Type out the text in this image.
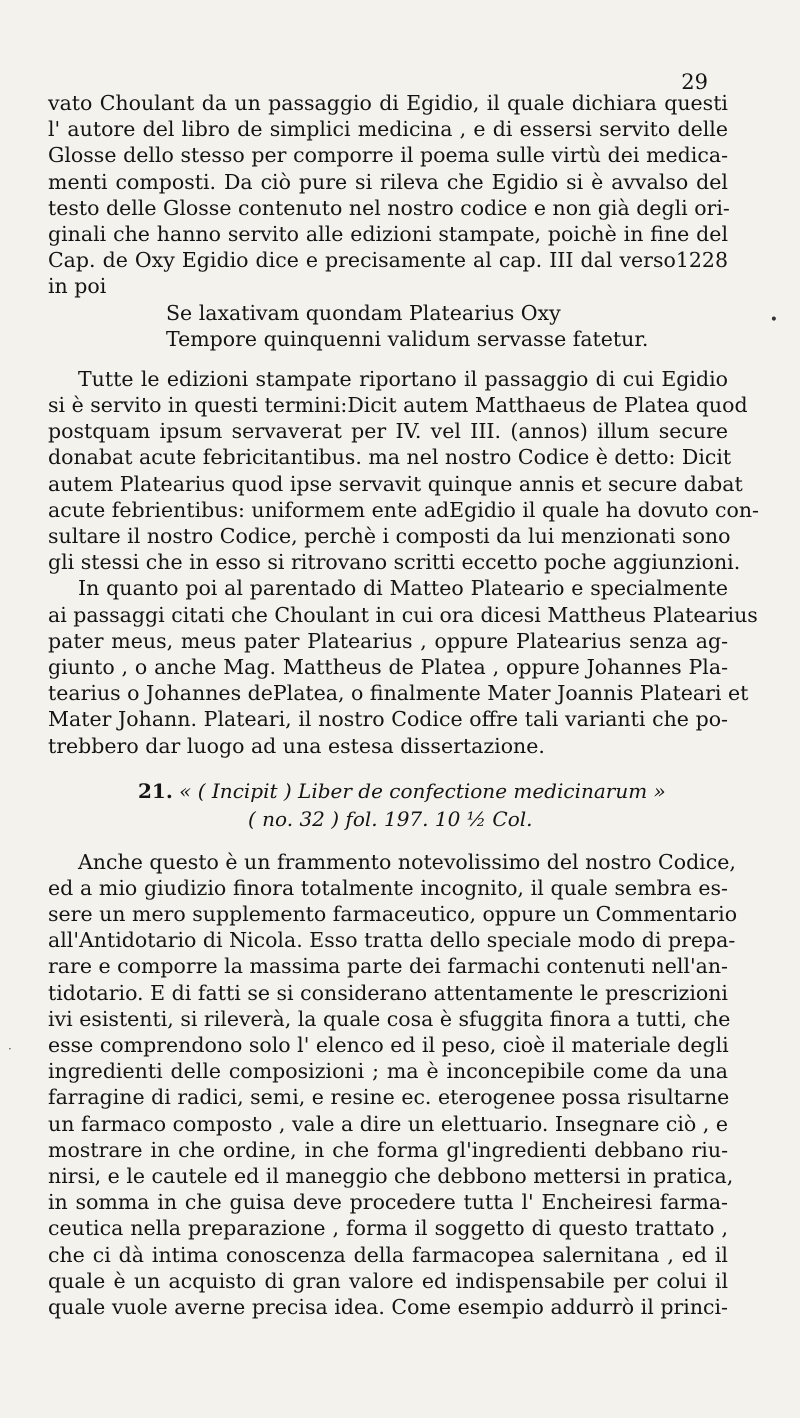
29
•
·
vato Choulant da un passaggio di Egidio, il quale dichiara questi
l' autore del libro de simplici medicina , e di essersi servito delle
Glosse dello stesso per comporre il poema sulle virtù dei medica-
menti composti. Da ciò pure si rileva che Egidio si è avvalso del
testo delle Glosse contenuto nel nostro codice e non già degli ori-
ginali che hanno servito alle edizioni stampate, poichè in fine del
Cap. de Oxy Egidio dice e precisamente al cap. III dal verso1228
in poi
Se laxativam quondam Platearius Oxy
Tempore quinquenni validum servasse fatetur.
Tutte le edizioni stampate riportano il passaggio di cui Egidio
si è servito in questi termini:Dicit autem Matthaeus de Platea quod
postquam ipsum servaverat per IV. vel III. (annos) illum secure
donabat acute febricitantibus. ma nel nostro Codice è detto: Dicit
autem Platearius quod ipse servavit quinque annis et secure dabat
acute febrientibus: uniformem ente adEgidio il quale ha dovuto con-
sultare il nostro Codice, perchè i composti da lui menzionati sono
gli stessi che in esso si ritrovano scritti eccetto poche aggiunzioni.
In quanto poi al parentado di Matteo Plateario e specialmente
ai passaggi citati che Choulant in cui ora dicesi Mattheus Platearius
pater meus, meus pater Platearius , oppure Platearius senza ag-
giunto , o anche Mag. Mattheus de Platea , oppure Johannes Pla-
tearius o Johannes dePlatea, o finalmente Mater Joannis Plateari et
Mater Johann. Plateari, il nostro Codice offre tali varianti che po-
trebbero dar luogo ad una estesa dissertazione.
21. « ( Incipit ) Liber de confectione medicinarum »
( no. 32 ) fol. 197. 10 ½ Col.
Anche questo è un frammento notevolissimo del nostro Codice,
ed a mio giudizio finora totalmente incognito, il quale sembra es-
sere un mero supplemento farmaceutico, oppure un Commentario
all'Antidotario di Nicola. Esso tratta dello speciale modo di prepa-
rare e comporre la massima parte dei farmachi contenuti nell'an-
tidotario. E di fatti se si considerano attentamente le prescrizioni
ivi esistenti, si rileverà, la quale cosa è sfuggita finora a tutti, che
esse comprendono solo l' elenco ed il peso, cioè il materiale degli
ingredienti delle composizioni ; ma è inconcepibile come da una
farragine di radici, semi, e resine ec. eterogenee possa risultarne
un farmaco composto , vale a dire un elettuario. Insegnare ciò , e
mostrare in che ordine, in che forma gl'ingredienti debbano riu-
nirsi, e le cautele ed il maneggio che debbono mettersi in pratica,
in somma in che guisa deve procedere tutta l' Encheiresi farma-
ceutica nella preparazione , forma il soggetto di questo trattato ,
che ci dà intima conoscenza della farmacopea salernitana , ed il
quale è un acquisto di gran valore ed indispensabile per colui il
quale vuole averne precisa idea. Come esempio addurrò il princi-
